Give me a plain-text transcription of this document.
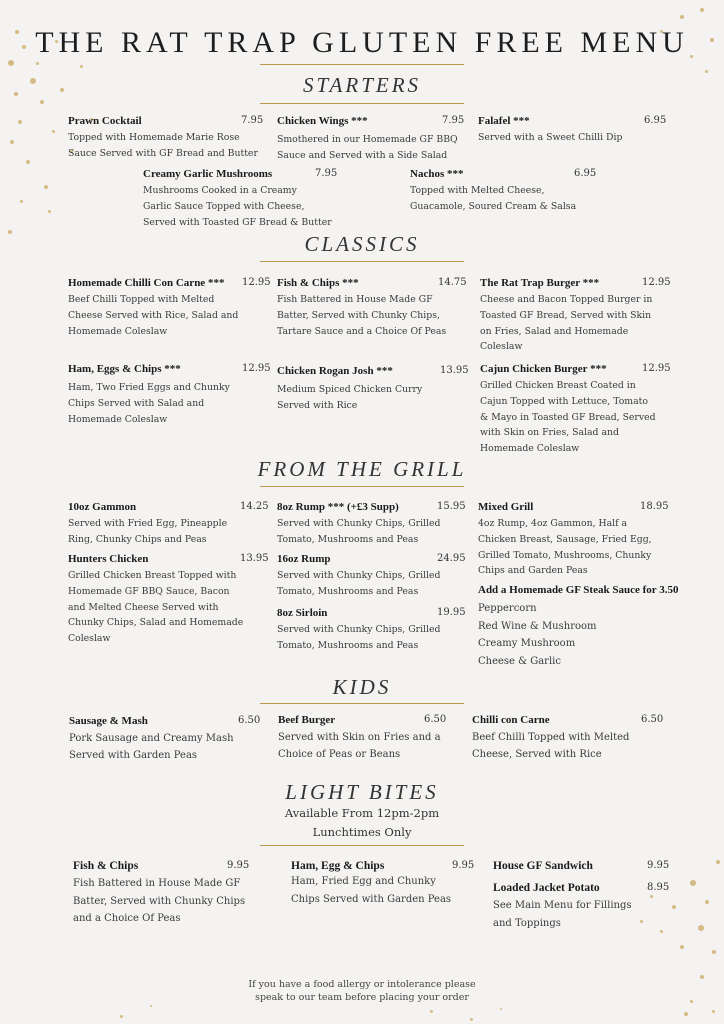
THE RAT TRAP GLUTEN FREE MENU
STARTERS
Prawn Cocktail	7.95
Topped with Homemade Marie Rose
Sauce Served with GF Bread and Butter
Chicken Wings ***	7.95
Smothered in our Homemade GF BBQ
Sauce and Served with a Side Salad
Falafel ***	6.95
Served with a Sweet Chilli Dip
Creamy Garlic Mushrooms	7.95
Mushrooms Cooked in a Creamy
Garlic Sauce Topped with Cheese,
Served with Toasted GF Bread & Butter
Nachos ***	6.95
Topped with Melted Cheese,
Guacamole, Soured Cream & Salsa
CLASSICS
Homemade Chilli Con Carne ***	12.95
Beef Chilli Topped with Melted
Cheese Served with Rice, Salad and
Homemade Coleslaw
Fish & Chips ***	14.75
Fish Battered in House Made GF
Batter, Served with Chunky Chips,
Tartare Sauce and a Choice Of Peas
The Rat Trap Burger ***	12.95
Cheese and Bacon Topped Burger in
Toasted GF Bread, Served with Skin
on Fries, Salad and Homemade
Coleslaw
Ham, Eggs & Chips ***	12.95
Ham, Two Fried Eggs and Chunky
Chips Served with Salad and
Homemade Coleslaw
Chicken Rogan Josh ***	13.95
Medium Spiced Chicken Curry
Served with Rice
Cajun Chicken Burger ***	12.95
Grilled Chicken Breast Coated in
Cajun Topped with Lettuce, Tomato
& Mayo in Toasted GF Bread, Served
with Skin on Fries, Salad and
Homemade Coleslaw
FROM THE GRILL
10oz Gammon	14.25
Served with Fried Egg, Pineapple
Ring, Chunky Chips and Peas
Hunters Chicken	13.95
Grilled Chicken Breast Topped with
Homemade GF BBQ Sauce, Bacon
and Melted Cheese Served with
Chunky Chips, Salad and Homemade
Coleslaw
8oz Rump *** (+£3 Supp)	15.95
Served with Chunky Chips, Grilled
Tomato, Mushrooms and Peas
16oz Rump	24.95
Served with Chunky Chips, Grilled
Tomato, Mushrooms and Peas
8oz Sirloin	19.95
Served with Chunky Chips, Grilled
Tomato, Mushrooms and Peas
Mixed Grill	18.95
4oz Rump, 4oz Gammon, Half a
Chicken Breast, Sausage, Fried Egg,
Grilled Tomato, Mushrooms, Chunky
Chips and Garden Peas
Add a Homemade GF Steak Sauce for 3.50
Peppercorn
Red Wine & Mushroom
Creamy Mushroom
Cheese & Garlic
KIDS
Sausage & Mash	6.50
Pork Sausage and Creamy Mash
Served with Garden Peas
Beef Burger	6.50
Served with Skin on Fries and a
Choice of Peas or Beans
Chilli con Carne	6.50
Beef Chilli Topped with Melted
Cheese, Served with Rice
LIGHT BITES
Available From 12pm-2pm
Lunchtimes Only
Fish & Chips	9.95
Fish Battered in House Made GF
Batter, Served with Chunky Chips
and a Choice Of Peas
Ham, Egg & Chips	9.95
Ham, Fried Egg and Chunky
Chips Served with Garden Peas
House GF Sandwich	9.95
Loaded Jacket Potato	8.95
See Main Menu for Fillings
and Toppings
If you have a food allergy or intolerance please
speak to our team before placing your order
